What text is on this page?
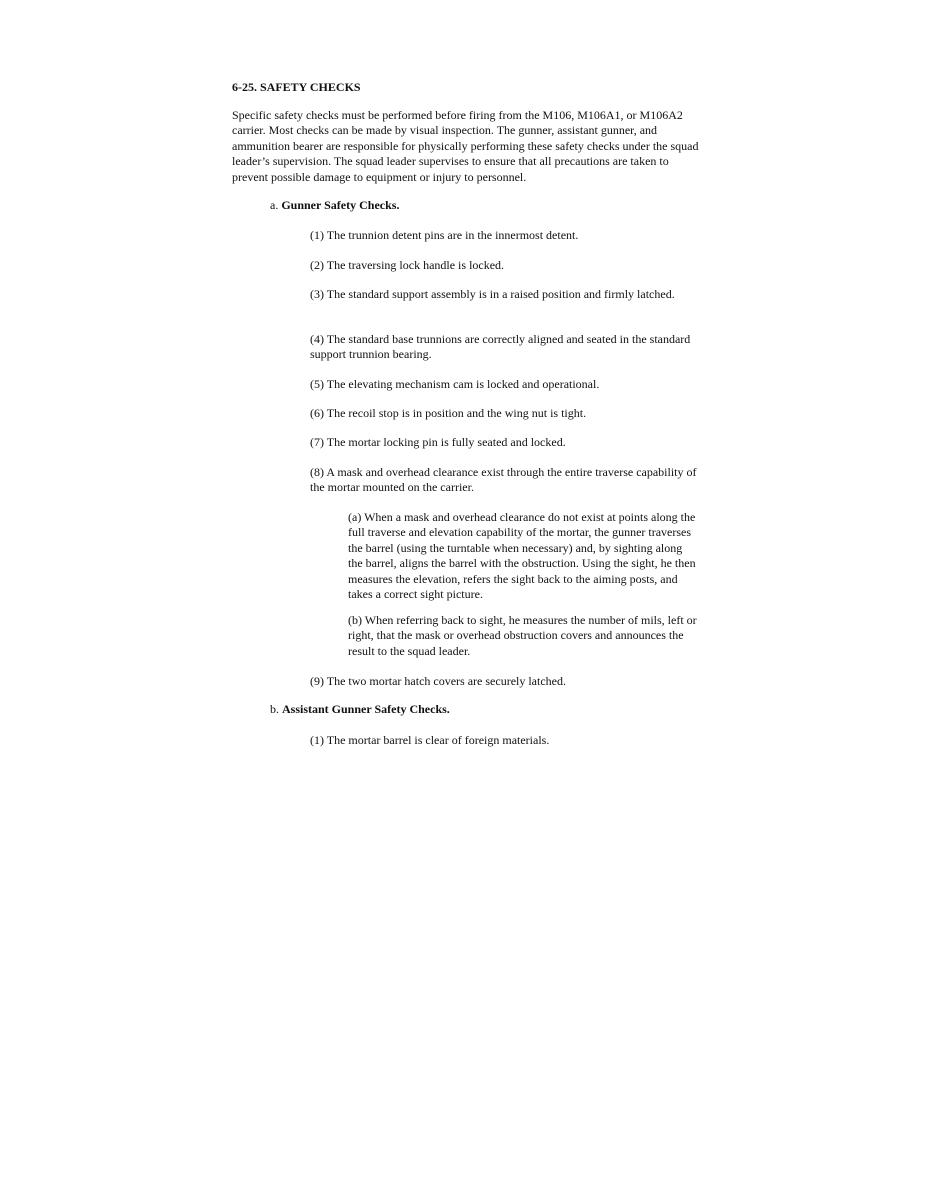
6-25. SAFETY CHECKS

Specific safety checks must be performed before firing from the M106, M106A1, or M106A2 carrier. Most checks can be made by visual inspection. The gunner, assistant gunner, and ammunition bearer are responsible for physically performing these safety checks under the squad leader’s supervision. The squad leader supervises to ensure that all precautions are taken to prevent possible damage to equipment or injury to personnel.

a. Gunner Safety Checks.

(1) The trunnion detent pins are in the innermost detent.

(2) The traversing lock handle is locked.

(3) The standard support assembly is in a raised position and firmly latched.

(4) The standard base trunnions are correctly aligned and seated in the standard support trunnion bearing.

(5) The elevating mechanism cam is locked and operational.

(6) The recoil stop is in position and the wing nut is tight.

(7) The mortar locking pin is fully seated and locked.

(8) A mask and overhead clearance exist through the entire traverse capability of the mortar mounted on the carrier.

(a) When a mask and overhead clearance do not exist at points along the full traverse and elevation capability of the mortar, the gunner traverses the barrel (using the turntable when necessary) and, by sighting along the barrel, aligns the barrel with the obstruction. Using the sight, he then measures the elevation, refers the sight back to the aiming posts, and takes a correct sight picture.

(b) When referring back to sight, he measures the number of mils, left or right, that the mask or overhead obstruction covers and announces the result to the squad leader.

(9) The two mortar hatch covers are securely latched.

b. Assistant Gunner Safety Checks.

(1) The mortar barrel is clear of foreign materials.
